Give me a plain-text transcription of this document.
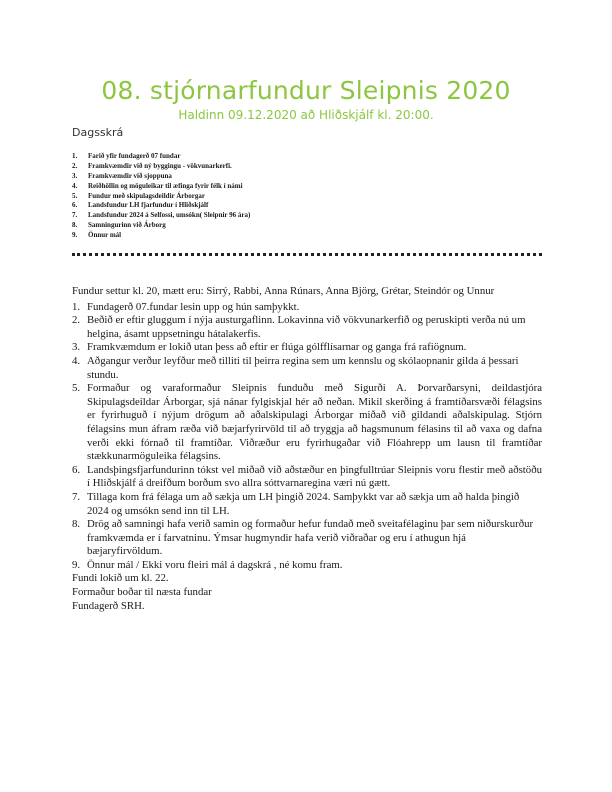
08. stjórnarfundur Sleipnis 2020
Haldinn 09.12.2020 að Hliðskjálf kl. 20:00.
Dagsskrá
1.	Farið yfir fundagerð 07 fundar
2.	Framkvæmdir við ný byggingu - vökvunarkerfi.
3.	Framkvæmdir við sjoppuna
4.	Reiðhöllin og möguleikar til æfinga fyrir félk í námi
5.	Fundur með skipulagsdeildir Árborgar
6.	Landsfundur LH fjarfundur í Hliðskjálf
7.	Landsfundur 2024 á Selfossi, umsókn( Sleipnir 96 ára)
8.	Samningurinn við Árborg
9.	Önnur mál

Fundur settur kl. 20, mætt eru: Sirrý, Rabbi, Anna Rúnars, Anna Björg, Grétar, Steindór og Unnur

1. Fundagerð 07.fundar lesin upp og hún samþykkt.
2. Beðið er eftir gluggum í nýja austurgaflinn. Lokavinna við vökvunarkerfið og peruskipti verða nú um helgina, ásamt uppsetningu hátalakerfis.
3. Framkvæmdum er lokið utan þess að eftir er flúga gólfflísarnar og ganga frá rafiögnum.
4. Aðgangur verður leyfður með tilliti til þeirra regina sem um kennslu og skólaopnanir gilda á þessari stundu.
5. Formaður og varaformaður Sleipnis funduðu með Sigurði A. Þorvarðarsyni, deildastjóra Skipulagsdeildar Árborgar, sjá nánar fylgiskjal hér að neðan. Mikil skerðing á framtíðarsvæði félagsins er fyrirhuguð í nýjum drögum að aðalskipulagi Árborgar miðað við gildandi aðalskipulag. Stjórn félagsins mun áfram ræða við bæjarfyrirvöld til að tryggja að hagsmunum félasins til að vaxa og dafna verði ekki fórnað til framtíðar. Viðræður eru fyrirhugaðar við Flóahrepp um lausn til framtíðar stækkunarmöguleika félagsins.
6. Landsþingsfjarfundurinn tókst vel miðað við aðstæður en þingfulltrúar Sleipnis voru flestir með aðstöðu í Hliðskjálf á dreifðum borðum svo allra sóttvarnaregina væri nú gætt.
7. Tillaga kom frá félaga um að sækja um LH þingið 2024. Samþykkt var að sækja um að halda þingið 2024 og umsókn send inn til LH.
8. Drög að samningi hafa verið samin og formaður hefur fundað með sveitafélaginu þar sem niðurskurður framkvæmda er í farvatninu. Ýmsar hugmyndir hafa verið viðraðar og eru í athugun hjá bæjaryfirvöldum.
9. Önnur mál / Ekki voru fleiri mál á dagskrá , né komu fram.

Fundi lokið um kl. 22.

Formaður boðar til næsta fundar

Fundagerð SRH.
